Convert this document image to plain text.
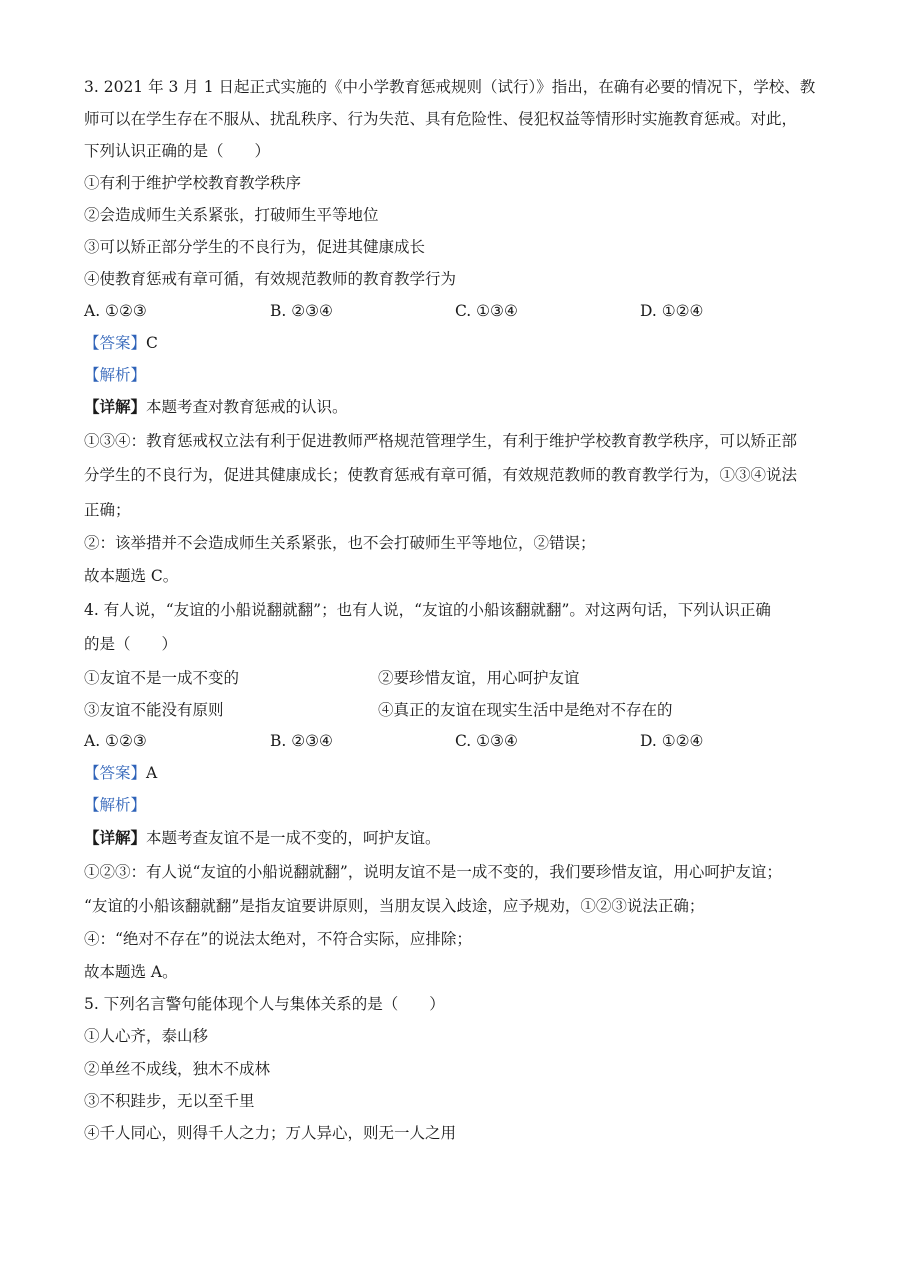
3. 2021 年 3 月 1 日起正式实施的《中小学教育惩戒规则（试行）》指出，在确有必要的情况下，学校、教
师可以在学生存在不服从、扰乱秩序、行为失范、具有危险性、侵犯权益等情形时实施教育惩戒。对此，
下列认识正确的是（　　）
①有利于维护学校教育教学秩序
②会造成师生关系紧张，打破师生平等地位
③可以矫正部分学生的不良行为，促进其健康成长
④使教育惩戒有章可循，有效规范教师的教育教学行为
A. ①②③	B. ②③④	C. ①③④	D. ①②④
【答案】C
【解析】
【详解】本题考查对教育惩戒的认识。
①③④：教育惩戒权立法有利于促进教师严格规范管理学生，有利于维护学校教育教学秩序，可以矫正部
分学生的不良行为，促进其健康成长；使教育惩戒有章可循，有效规范教师的教育教学行为，①③④说法
正确；
②：该举措并不会造成师生关系紧张，也不会打破师生平等地位，②错误；
故本题选 C。
4. 有人说，“友谊的小船说翻就翻”；也有人说，“友谊的小船该翻就翻”。对这两句话，下列认识正确
的是（　　）
①友谊不是一成不变的	②要珍惜友谊，用心呵护友谊
③友谊不能没有原则	④真正的友谊在现实生活中是绝对不存在的
A. ①②③	B. ②③④	C. ①③④	D. ①②④
【答案】A
【解析】
【详解】本题考查友谊不是一成不变的，呵护友谊。
①②③：有人说“友谊的小船说翻就翻”，说明友谊不是一成不变的，我们要珍惜友谊，用心呵护友谊；
“友谊的小船该翻就翻”是指友谊要讲原则，当朋友误入歧途，应予规劝，①②③说法正确；
④：“绝对不存在”的说法太绝对，不符合实际，应排除；
故本题选 A。
5. 下列名言警句能体现个人与集体关系的是（　　）
①人心齐，泰山移
②单丝不成线，独木不成林
③不积跬步，无以至千里
④千人同心，则得千人之力；万人异心，则无一人之用
